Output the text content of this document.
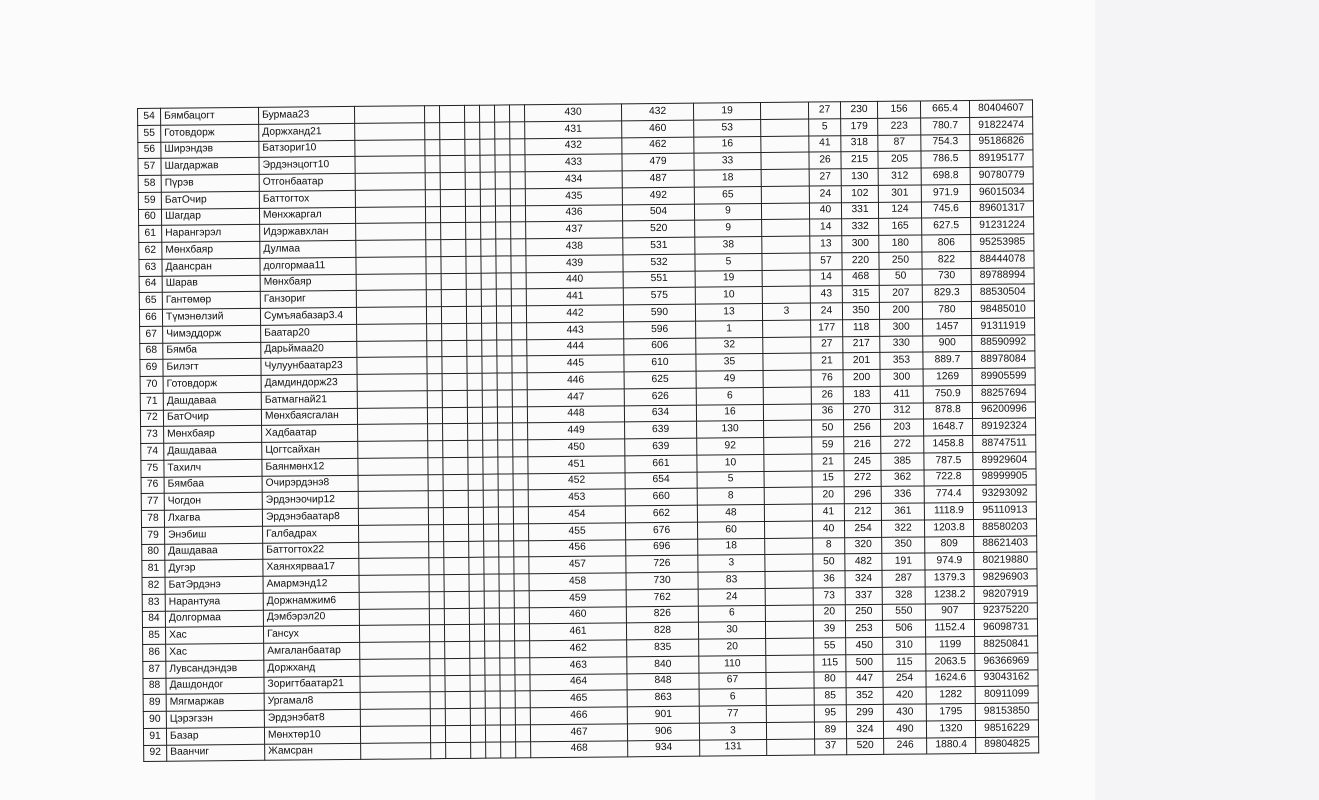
54	Бямбацогт	Бурмаа23								430	432	19		27	230	156	665.4	80404607
55	Готовдорж	Доржханд21								431	460	53		5	179	223	780.7	91822474
56	Ширэндэв	Батзориг10								432	462	16		41	318	87	754.3	95186826
57	Шагдаржав	Эрдэнэцогт10								433	479	33		26	215	205	786.5	89195177
58	Пүрэв	Отгонбаатар								434	487	18		27	130	312	698.8	90780779
59	БатОчир	Баттогтох								435	492	65		24	102	301	971.9	96015034
60	Шагдар	Мөнхжаргал								436	504	9		40	331	124	745.6	89601317
61	Нарангэрэл	Идэржавхлан								437	520	9		14	332	165	627.5	91231224
62	Мөнхбаяр	Дулмаа								438	531	38		13	300	180	806	95253985
63	Даансран	долгормаа11								439	532	5		57	220	250	822	88444078
64	Шарав	Мөнхбаяр								440	551	19		14	468	50	730	89788994
65	Гантөмөр	Ганзориг								441	575	10		43	315	207	829.3	88530504
66	Түмэнөлзий	Сумъяабазар3.4								442	590	13	3	24	350	200	780	98485010
67	Чимэддорж	Баатар20								443	596	1		177	118	300	1457	91311919
68	Бямба	Дарьймаа20								444	606	32		27	217	330	900	88590992
69	Билэгт	Чулуунбаатар23								445	610	35		21	201	353	889.7	88978084
70	Готовдорж	Дамдиндорж23								446	625	49		76	200	300	1269	89905599
71	Дашдаваа	Батмагнай21								447	626	6		26	183	411	750.9	88257694
72	БатОчир	Мөнхбаясгалан								448	634	16		36	270	312	878.8	96200996
73	Мөнхбаяр	Хадбаатар								449	639	130		50	256	203	1648.7	89192324
74	Дашдаваа	Цогтсайхан								450	639	92		59	216	272	1458.8	88747511
75	Тахилч	Баянмөнх12								451	661	10		21	245	385	787.5	89929604
76	Бямбаа	Очирэрдэнэ8								452	654	5		15	272	362	722.8	98999905
77	Чогдон	Эрдэнэочир12								453	660	8		20	296	336	774.4	93293092
78	Лхагва	Эрдэнэбаатар8								454	662	48		41	212	361	1118.9	95110913
79	Энэбиш	Галбадрах								455	676	60		40	254	322	1203.8	88580203
80	Дашдаваа	Баттогтох22								456	696	18		8	320	350	809	88621403
81	Дугэр	Хаянхярваа17								457	726	3		50	482	191	974.9	80219880
82	БатЭрдэнэ	Амармэнд12								458	730	83		36	324	287	1379.3	98296903
83	Нарантуяа	Доржнамжим6								459	762	24		73	337	328	1238.2	98207919
84	Долгормаа	Дэмбэрэл20								460	826	6		20	250	550	907	92375220
85	Хас	Гансух								461	828	30		39	253	506	1152.4	96098731
86	Хас	Амгаланбаатар								462	835	20		55	450	310	1199	88250841
87	Лувсандэндэв	Доржханд								463	840	110		115	500	115	2063.5	96366969
88	Дашдондог	Зоригтбаатар21								464	848	67		80	447	254	1624.6	93043162
89	Мягмаржав	Ургамал8								465	863	6		85	352	420	1282	80911099
90	Цэрэгзэн	Эрдэнэбат8								466	901	77		95	299	430	1795	98153850
91	Базар	Мөнхтөр10								467	906	3		89	324	490	1320	98516229
92	Ваанчиг	Жамсран								468	934	131		37	520	246	1880.4	89804825
